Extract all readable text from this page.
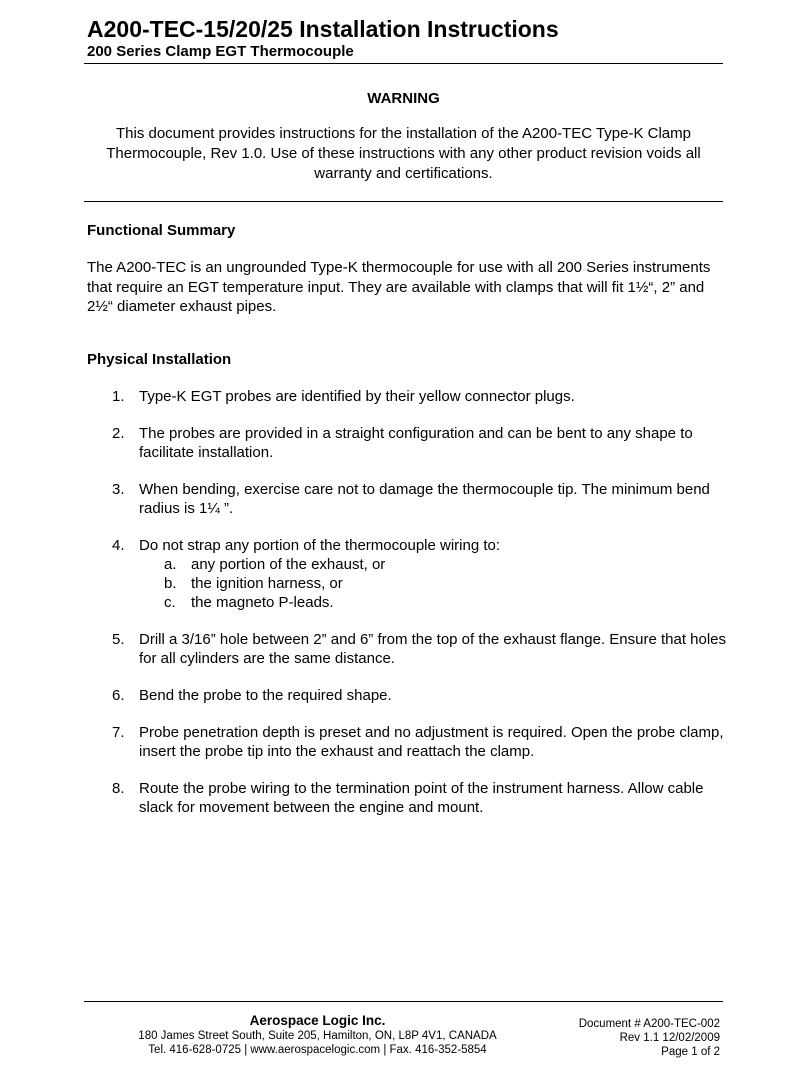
A200-TEC-15/20/25 Installation Instructions
200 Series Clamp EGT Thermocouple
WARNING
This document provides instructions for the installation of the A200-TEC Type-K Clamp Thermocouple, Rev 1.0. Use of these instructions with any other product revision voids all warranty and certifications.
Functional Summary
The A200-TEC is an ungrounded Type-K thermocouple for use with all 200 Series instruments that require an EGT temperature input. They are available with clamps that will fit 1½“, 2” and 2½“ diameter exhaust pipes.
Physical Installation
1. Type-K EGT probes are identified by their yellow connector plugs.
2. The probes are provided in a straight configuration and can be bent to any shape to facilitate installation.
3. When bending, exercise care not to damage the thermocouple tip. The minimum bend radius is 1¼ ”.
4. Do not strap any portion of the thermocouple wiring to:
a. any portion of the exhaust, or
b. the ignition harness, or
c. the magneto P-leads.
5. Drill a 3/16” hole between 2” and 6” from the top of the exhaust flange. Ensure that holes for all cylinders are the same distance.
6. Bend the probe to the required shape.
7. Probe penetration depth is preset and no adjustment is required. Open the probe clamp, insert the probe tip into the exhaust and reattach the clamp.
8. Route the probe wiring to the termination point of the instrument harness. Allow cable slack for movement between the engine and mount.
Aerospace Logic Inc.
180 James Street South, Suite 205, Hamilton, ON, L8P 4V1, CANADA
Tel. 416-628-0725 | www.aerospacelogic.com | Fax. 416-352-5854
Document # A200-TEC-002
Rev 1.1 12/02/2009
Page 1 of 2
